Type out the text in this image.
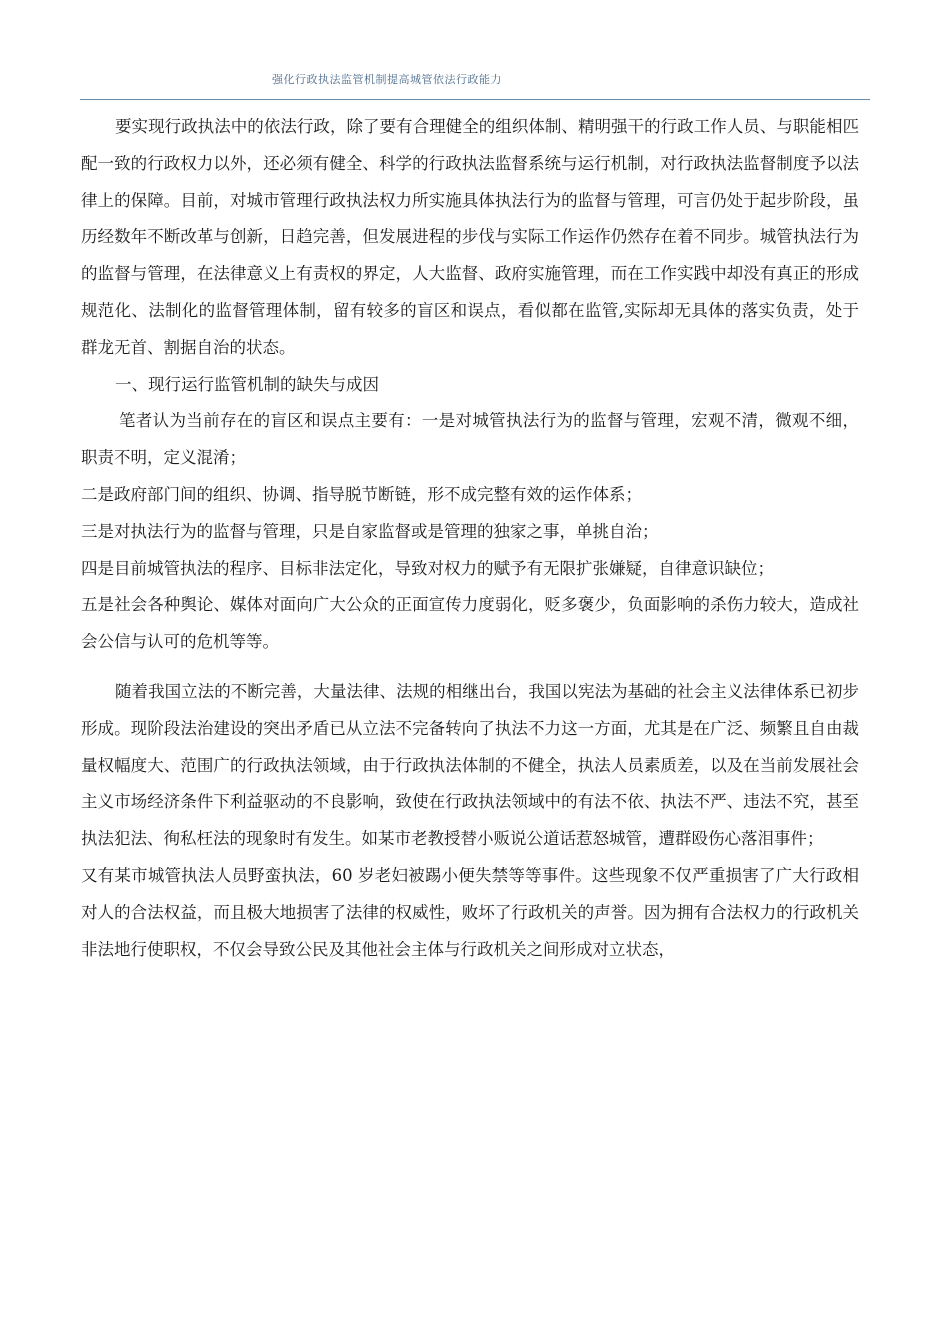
强化行政执法监管机制提高城管依法行政能力

要实现行政执法中的依法行政，除了要有合理健全的组织体制、精明强干的行政工作人员、与职能相匹配一致的行政权力以外，还必须有健全、科学的行政执法监督系统与运行机制，对行政执法监督制度予以法律上的保障。目前，对城市管理行政执法权力所实施具体执法行为的监督与管理，可言仍处于起步阶段，虽历经数年不断改革与创新，日趋完善，但发展进程的步伐与实际工作运作仍然存在着不同步。城管执法行为的监督与管理，在法律意义上有责权的界定，人大监督、政府实施管理，而在工作实践中却没有真正的形成规范化、法制化的监督管理体制，留有较多的盲区和误点，看似都在监管,实际却无具体的落实负责，处于群龙无首、割据自治的状态。

一、现行运行监管机制的缺失与成因

笔者认为当前存在的盲区和误点主要有：一是对城管执法行为的监督与管理，宏观不清，微观不细，职责不明，定义混淆；

二是政府部门间的组织、协调、指导脱节断链，形不成完整有效的运作体系；

三是对执法行为的监督与管理，只是自家监督或是管理的独家之事，单挑自治；

四是目前城管执法的程序、目标非法定化，导致对权力的赋予有无限扩张嫌疑，自律意识缺位；

五是社会各种舆论、媒体对面向广大公众的正面宣传力度弱化，贬多褒少，负面影响的杀伤力较大，造成社会公信与认可的危机等等。

随着我国立法的不断完善，大量法律、法规的相继出台，我国以宪法为基础的社会主义法律体系已初步形成。现阶段法治建设的突出矛盾已从立法不完备转向了执法不力这一方面，尤其是在广泛、频繁且自由裁量权幅度大、范围广的行政执法领域，由于行政执法体制的不健全，执法人员素质差，以及在当前发展社会主义市场经济条件下利益驱动的不良影响，致使在行政执法领域中的有法不依、执法不严、违法不究，甚至执法犯法、徇私枉法的现象时有发生。如某市老教授替小贩说公道话惹怒城管，遭群殴伤心落泪事件；

又有某市城管执法人员野蛮执法，60 岁老妇被踢小便失禁等等事件。这些现象不仅严重损害了广大行政相对人的合法权益，而且极大地损害了法律的权威性，败坏了行政机关的声誉。因为拥有合法权力的行政机关非法地行使职权，不仅会导致公民及其他社会主体与行政机关之间形成对立状态，
